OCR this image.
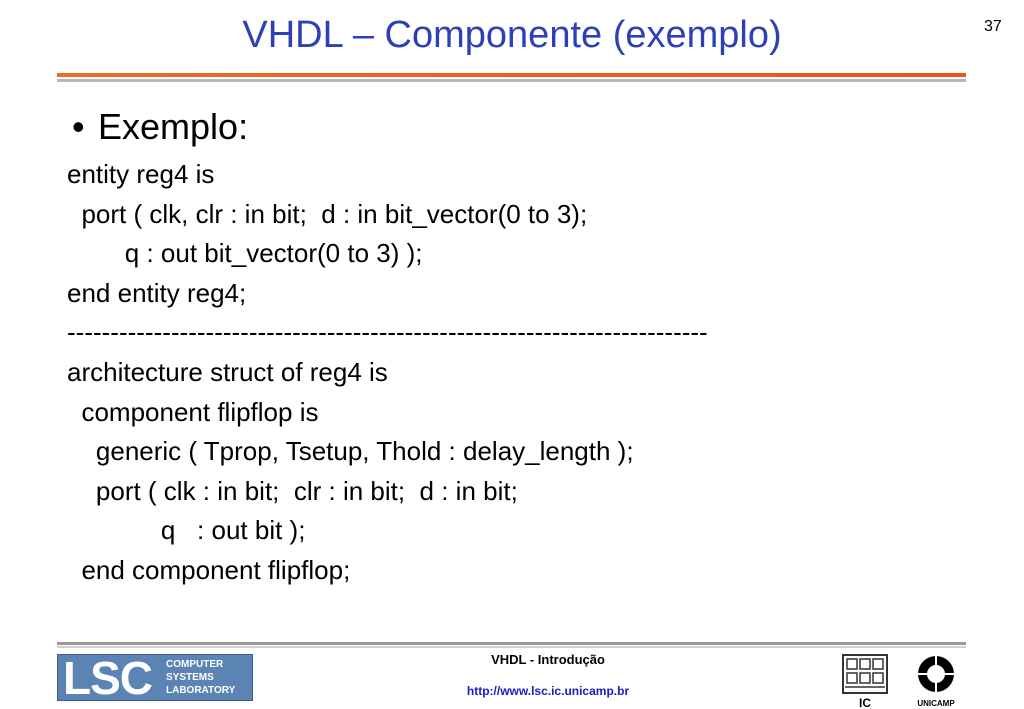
VHDL – Componente (exemplo)	37
• Exemplo:
entity reg4 is
port ( clk, clr : in bit;  d : in bit_vector(0 to 3);
q : out bit_vector(0 to 3) );
end entity reg4;
--------------------------------------------------------------------------
architecture struct of reg4 is
component flipflop is
generic ( Tprop, Tsetup, Thold : delay_length );
port ( clk : in bit;  clr : in bit;  d : in bit;
q   : out bit );
end component flipflop;
LSC COMPUTER
SYSTEMS
LABORATORY
VHDL - Introdução
http://www.lsc.ic.unicamp.br
IC	UNICAMP
